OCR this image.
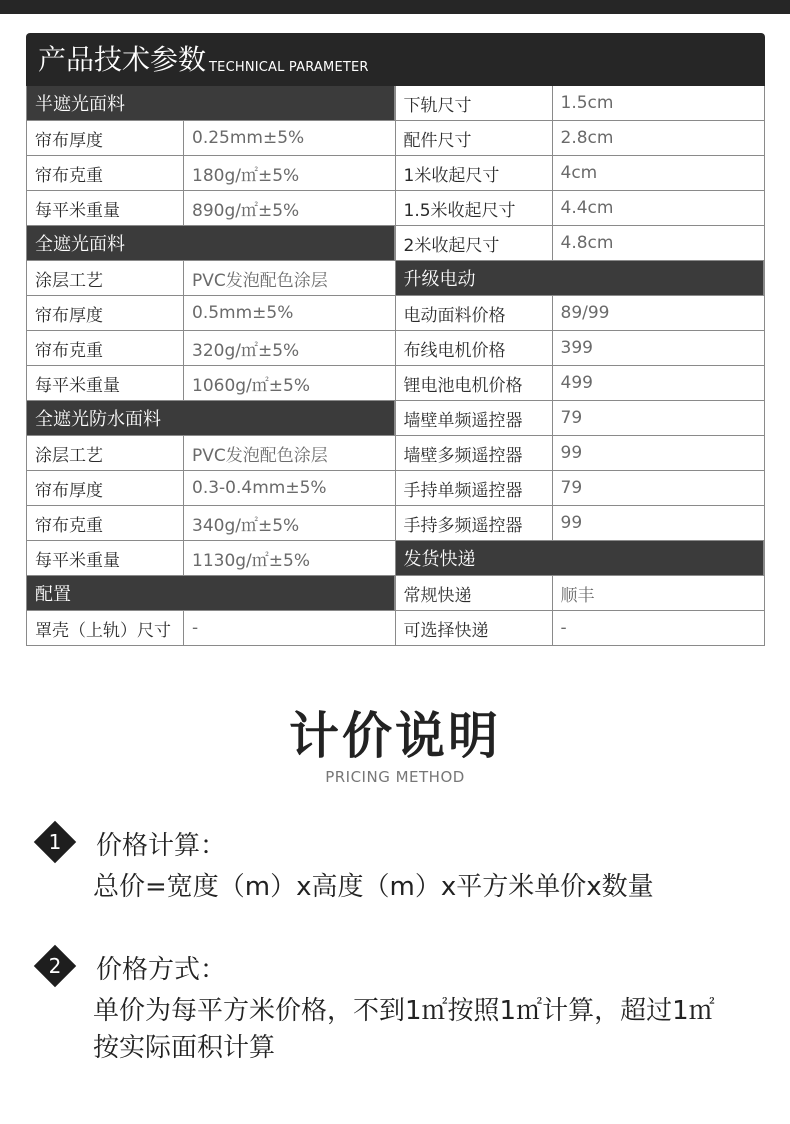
产品技术参数 TECHNICAL PARAMETER
半遮光面料
帘布厚度	0.25mm±5%
帘布克重	180g/㎡±5%
每平米重量	890g/㎡±5%
全遮光面料
涂层工艺	PVC发泡配色涂层
帘布厚度	0.5mm±5%
帘布克重	320g/㎡±5%
每平米重量	1060g/㎡±5%
全遮光防水面料
涂层工艺	PVC发泡配色涂层
帘布厚度	0.3-0.4mm±5%
帘布克重	340g/㎡±5%
每平米重量	1130g/㎡±5%
配置
罩壳（上轨）尺寸	-
下轨尺寸	1.5cm
配件尺寸	2.8cm
1米收起尺寸	4cm
1.5米收起尺寸	4.4cm
2米收起尺寸	4.8cm
升级电动
电动面料价格	89/99
布线电机价格	399
锂电池电机价格	499
墙壁单频遥控器	79
墙壁多频遥控器	99
手持单频遥控器	79
手持多频遥控器	99
发货快递
常规快递	顺丰
可选择快递	-
计价说明
PRICING METHOD
1	价格计算：
总价=宽度（m）x高度（m）x平方米单价x数量
2	价格方式：
单价为每平方米价格，不到1㎡按照1㎡计算，超过1㎡
按实际面积计算
